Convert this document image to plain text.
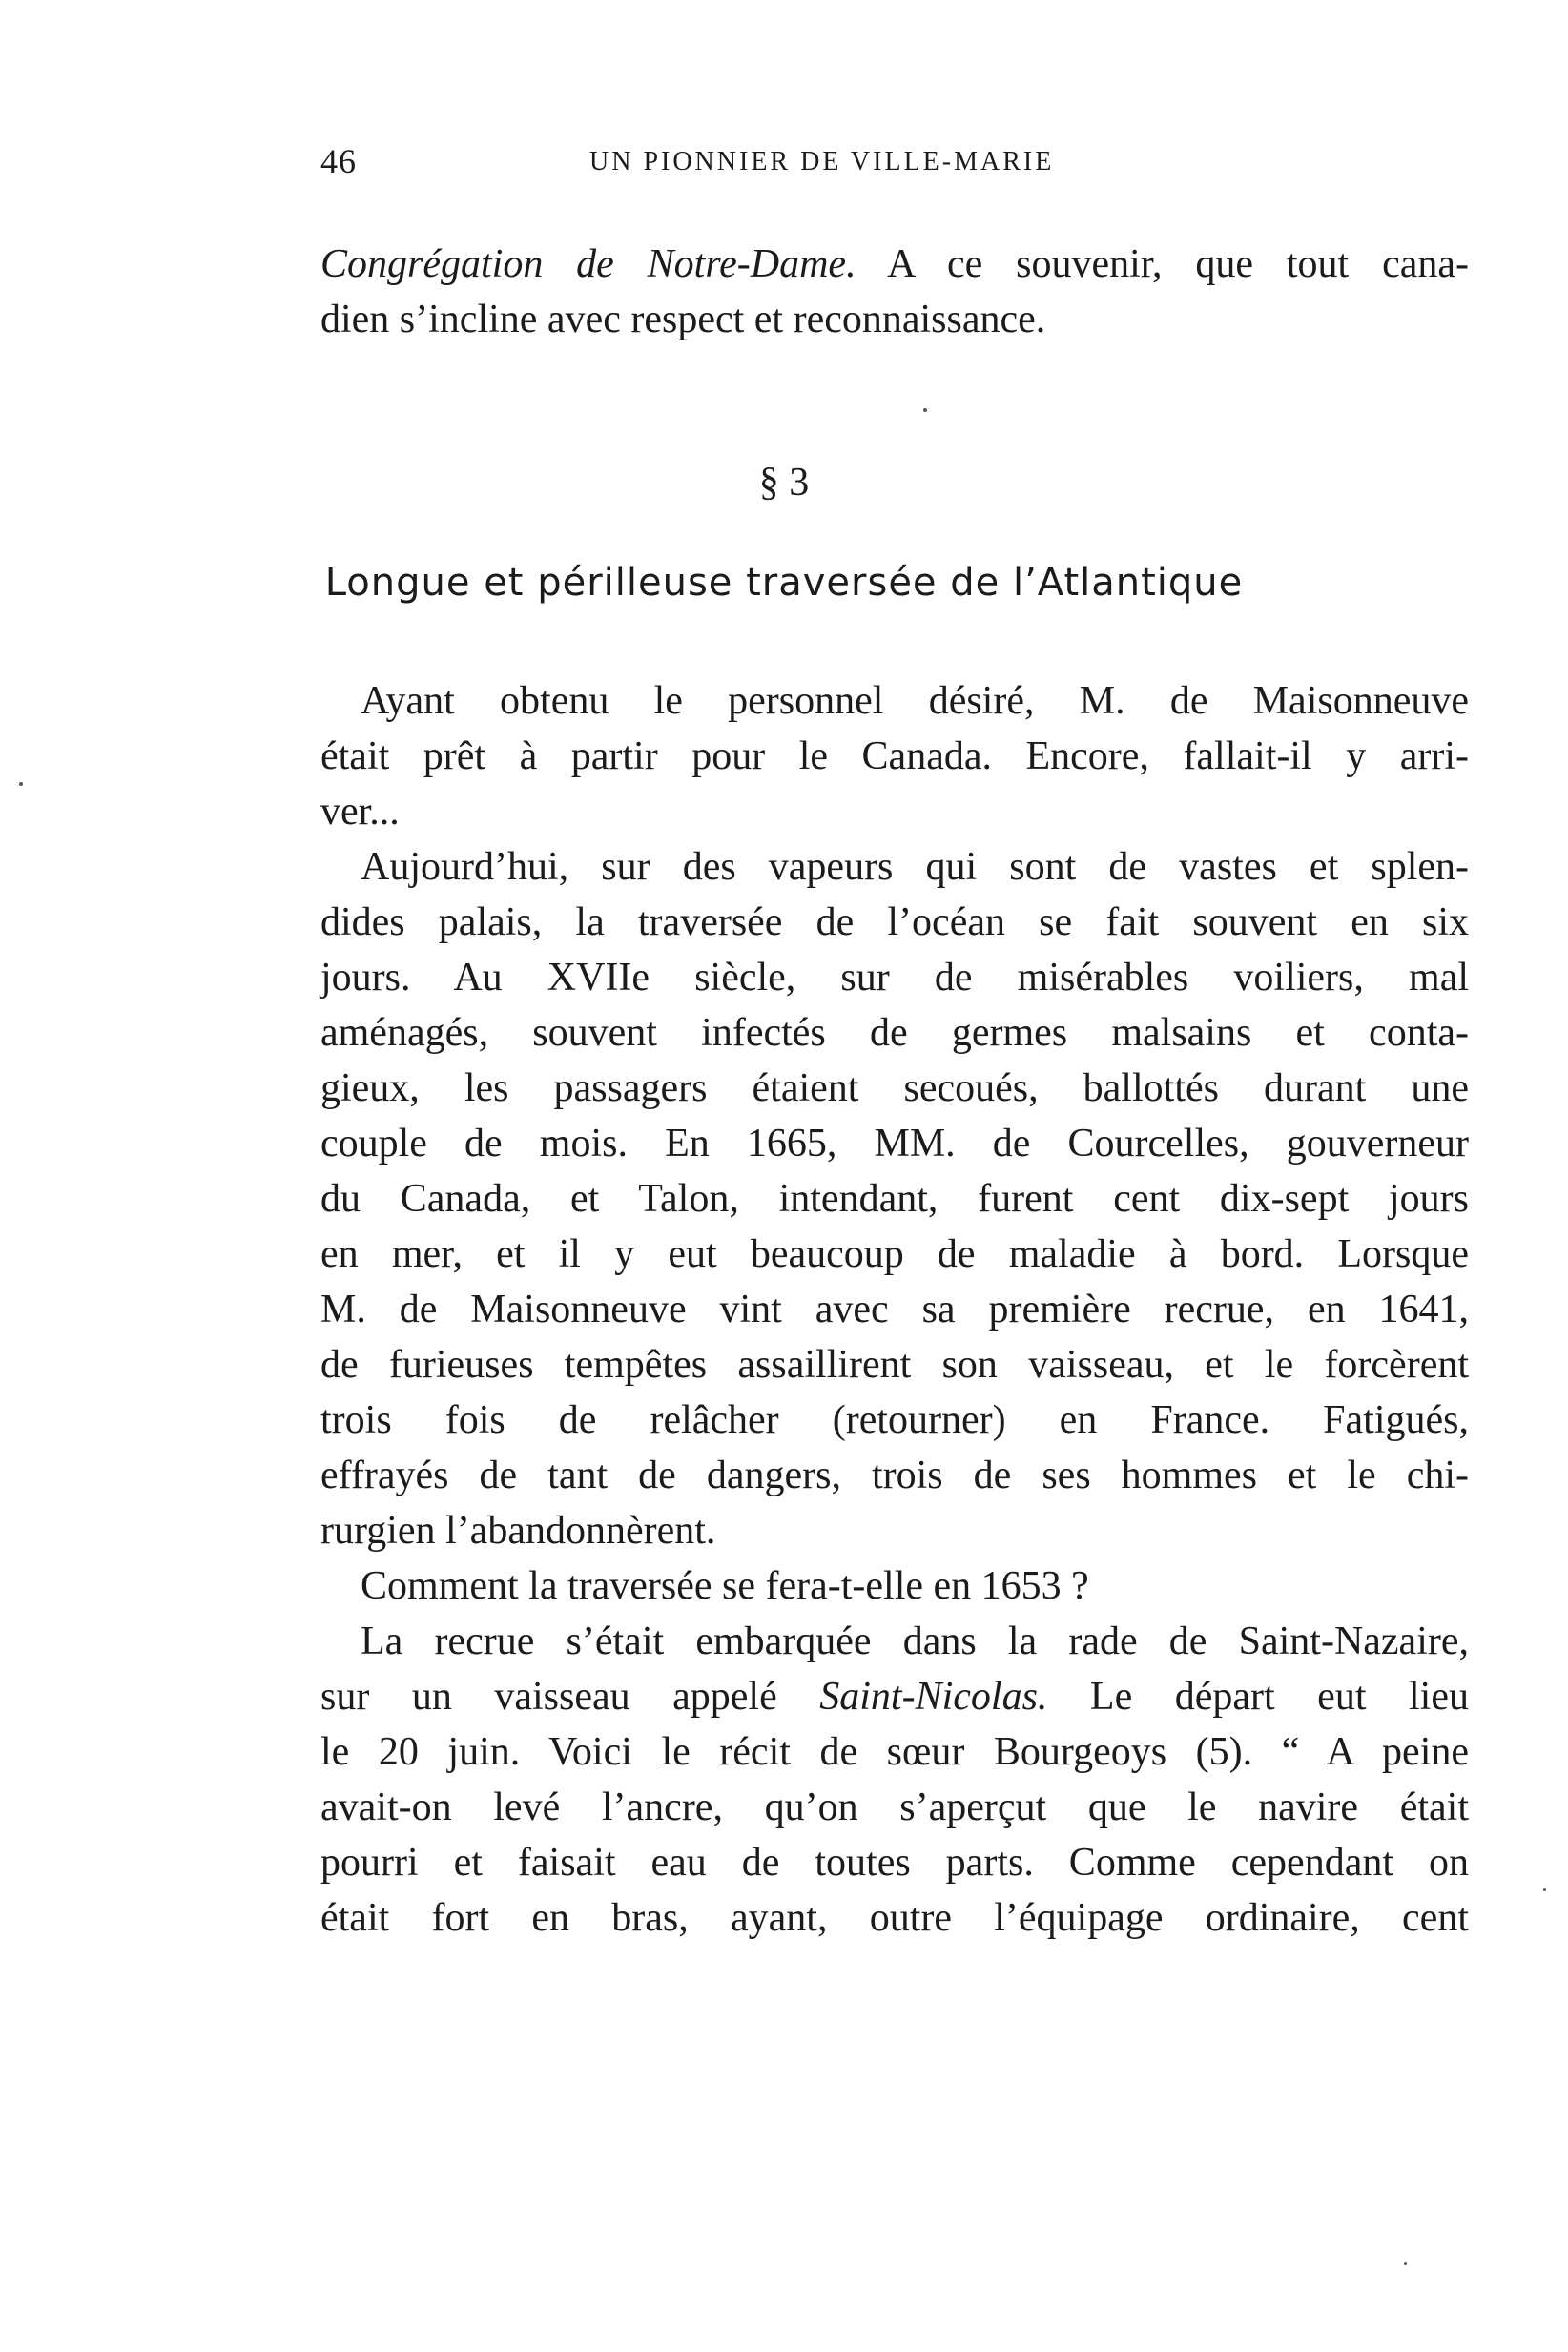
46	UN PIONNIER DE VILLE-MARIE
Congrégation de Notre-Dame. A ce souvenir, que tout cana-
dien s’incline avec respect et reconnaissance.
§ 3
Longue et périlleuse traversée de l’Atlantique
Ayant obtenu le personnel désiré, M. de Maisonneuve
était prêt à partir pour le Canada. Encore, fallait-il y arri-
ver...
Aujourd’hui, sur des vapeurs qui sont de vastes et splen-
dides palais, la traversée de l’océan se fait souvent en six
jours. Au XVIIe siècle, sur de misérables voiliers, mal
aménagés, souvent infectés de germes malsains et conta-
gieux, les passagers étaient secoués, ballottés durant une
couple de mois. En 1665, MM. de Courcelles, gouverneur
du Canada, et Talon, intendant, furent cent dix-sept jours
en mer, et il y eut beaucoup de maladie à bord. Lorsque
M. de Maisonneuve vint avec sa première recrue, en 1641,
de furieuses tempêtes assaillirent son vaisseau, et le forcèrent
trois fois de relâcher (retourner) en France. Fatigués,
effrayés de tant de dangers, trois de ses hommes et le chi-
rurgien l’abandonnèrent.
Comment la traversée se fera-t-elle en 1653 ?
La recrue s’était embarquée dans la rade de Saint-Nazaire,
sur un vaisseau appelé Saint-Nicolas. Le départ eut lieu
le 20 juin. Voici le récit de sœur Bourgeoys (5). “ A peine
avait-on levé l’ancre, qu’on s’aperçut que le navire était
pourri et faisait eau de toutes parts. Comme cependant on
était fort en bras, ayant, outre l’équipage ordinaire, cent
